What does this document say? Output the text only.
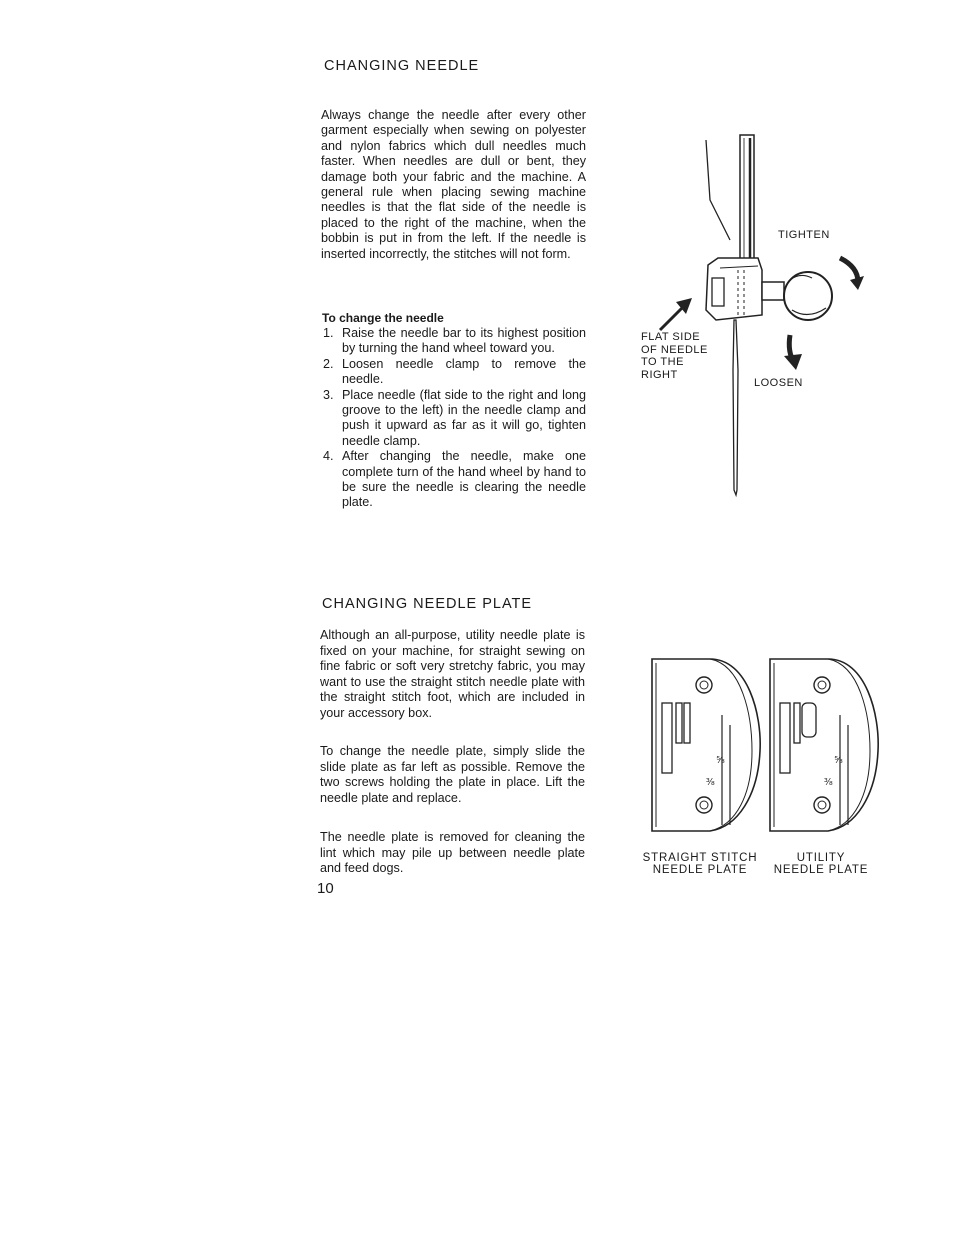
CHANGING NEEDLE
Always change the needle after every other garment especially when sewing on polyester and nylon fabrics which dull needles much faster. When needles are dull or bent, they damage both your fabric and the machine. A general rule when placing sewing machine needles is that the flat side of the needle is placed to the right of the machine, when the bobbin is put in from the left. If the needle is inserted incorrectly, the stitches will not form.
To change the needle
1. Raise the needle bar to its highest position by turning the hand wheel toward you.
2. Loosen needle clamp to remove the needle.
3. Place needle (flat side to the right and long groove to the left) in the needle clamp and push it upward as far as it will go, tighten needle clamp.
4. After changing the needle, make one complete turn of the hand wheel by hand to be sure the needle is clearing the needle plate.
TIGHTEN
LOOSEN
FLAT SIDE
OF NEEDLE
TO THE
RIGHT
CHANGING NEEDLE PLATE
Although an all-purpose, utility needle plate is fixed on your machine, for straight sewing on fine fabric or soft very stretchy fabric, you may want to use the straight stitch needle plate with the straight stitch foot, which are included in your accessory box.
To change the needle plate, simply slide the slide plate as far left as possible. Remove the two screws holding the plate in place. Lift the needle plate and replace.
The needle plate is removed for cleaning the lint which may pile up between needle plate and feed dogs.
⅜
⅝
⅜
⅝
STRAIGHT STITCH
NEEDLE PLATE
UTILITY
NEEDLE PLATE
10
